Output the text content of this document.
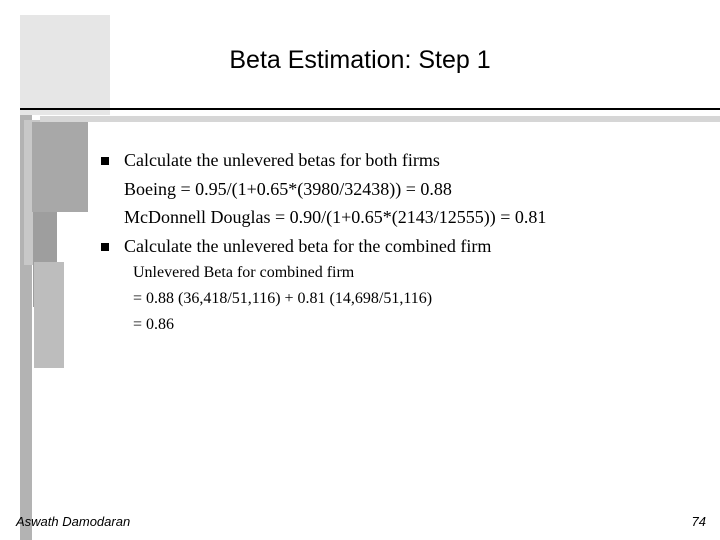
Beta Estimation: Step 1
Calculate the unlevered betas for both firms
Boeing = 0.95/(1+0.65*(3980/32438)) = 0.88
McDonnell Douglas = 0.90/(1+0.65*(2143/12555)) = 0.81
Calculate the unlevered beta for the combined firm
Unlevered Beta for combined firm
= 0.88 (36,418/51,116) + 0.81 (14,698/51,116)
= 0.86
Aswath Damodaran	74
